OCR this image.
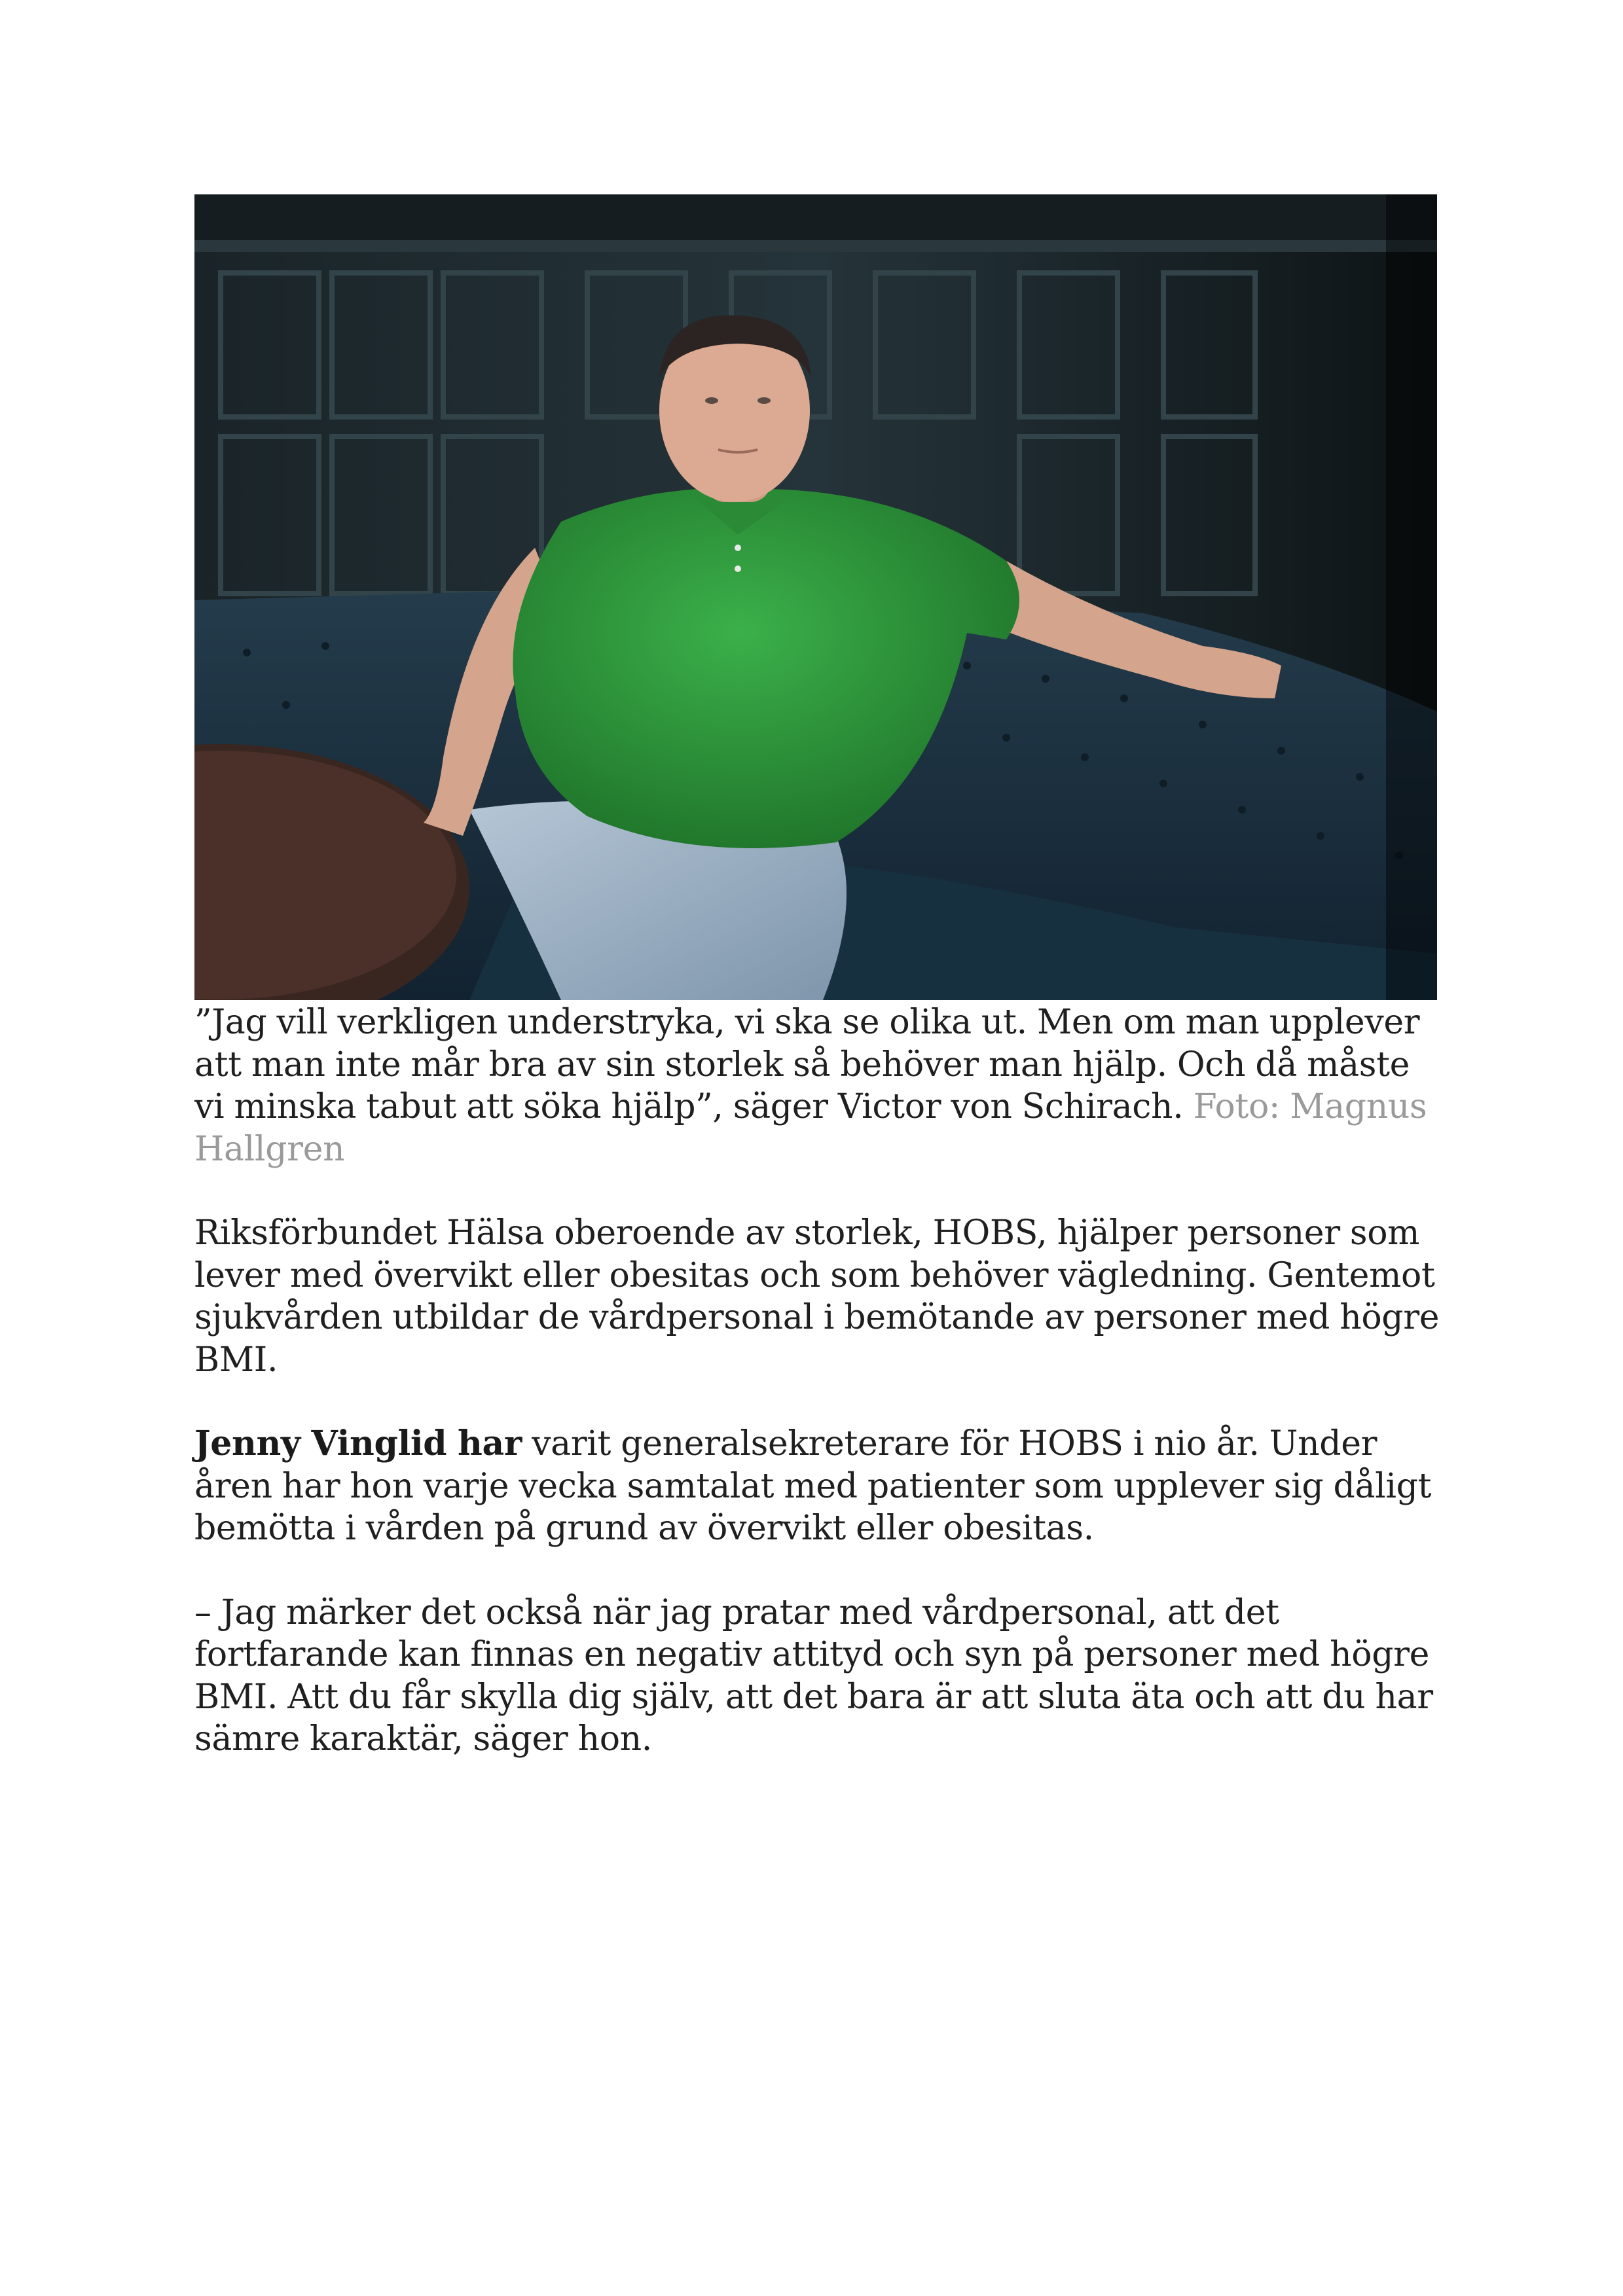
”Jag vill verkligen understryka, vi ska se olika ut. Men om man upplever att man inte mår bra av sin storlek så behöver man hjälp. Och då måste vi minska tabut att söka hjälp”, säger Victor von Schirach. Foto: Magnus Hallgren

Riksförbundet Hälsa oberoende av storlek, HOBS, hjälper personer som lever med övervikt eller obesitas och som behöver vägledning. Gentemot sjukvården utbildar de vårdpersonal i bemötande av personer med högre BMI.

Jenny Vinglid har varit generalsekreterare för HOBS i nio år. Under åren har hon varje vecka samtalat med patienter som upplever sig dåligt bemötta i vården på grund av övervikt eller obesitas.

– Jag märker det också när jag pratar med vårdpersonal, att det fortfarande kan finnas en negativ attityd och syn på personer med högre BMI. Att du får skylla dig själv, att det bara är att sluta äta och att du har sämre karaktär, säger hon.
